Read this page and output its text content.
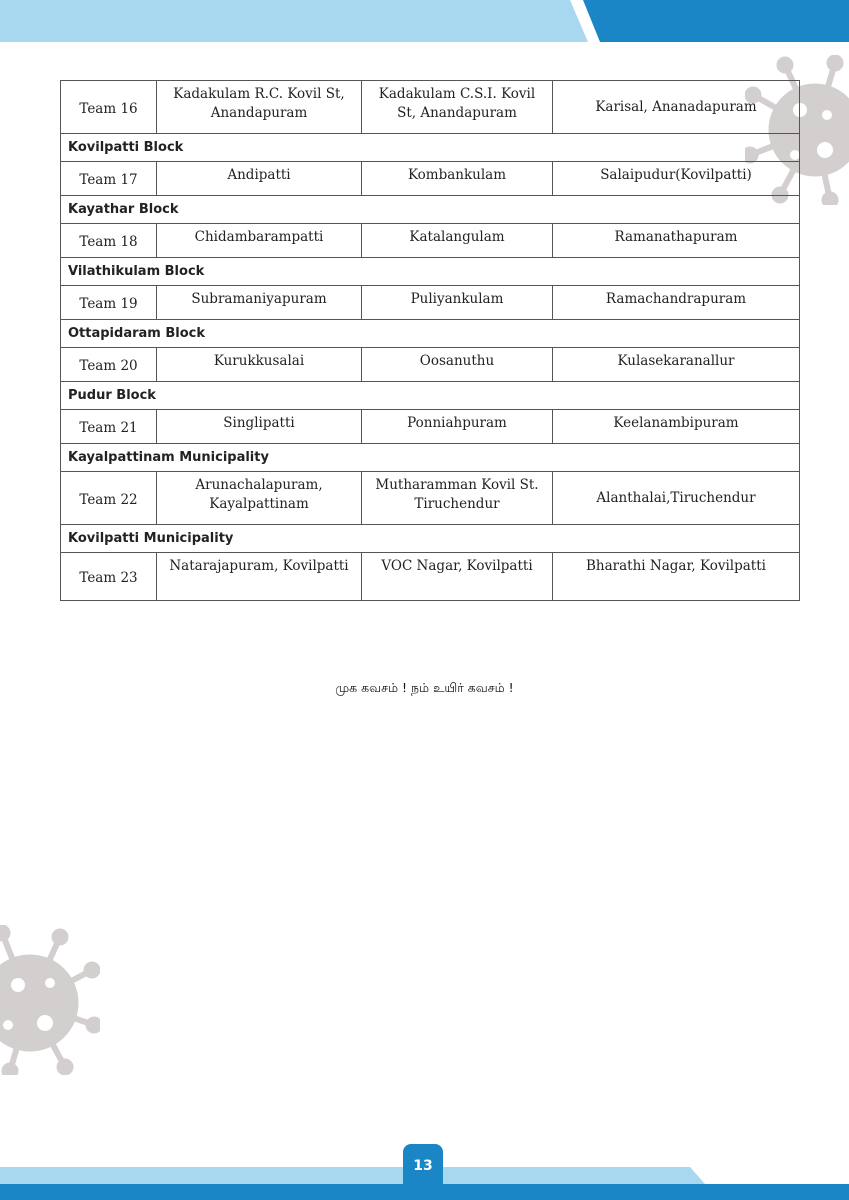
Team 16	Kadakulam R.C. Kovil St, Anandapuram	Kadakulam C.S.I. Kovil St, Anandapuram	Karisal, Ananadapuram
Kovilpatti Block			
Team 17	Andipatti	Kombankulam	Salaipudur(Kovilpatti)
Kayathar Block			
Team 18	Chidambarampatti	Katalangulam	Ramanathapuram
Vilathikulam Block			
Team 19	Subramaniyapuram	Puliyankulam	Ramachandrapuram
Ottapidaram Block			
Team 20	Kurukkusalai	Oosanuthu	Kulasekaranallur
Pudur Block			
Team 21	Singlipatti	Ponniahpuram	Keelanambipuram
Kayalpattinam Municipality			
Team 22	Arunachalapuram, Kayalpattinam	Mutharamman Kovil St. Tiruchendur	Alanthalai,Tiruchendur
Kovilpatti Municipality			
Team 23	Natarajapuram, Kovilpatti	VOC Nagar, Kovilpatti	Bharathi Nagar, Kovilpatti
முக கவசம் ! நம் உயிர் கவசம் !
13
